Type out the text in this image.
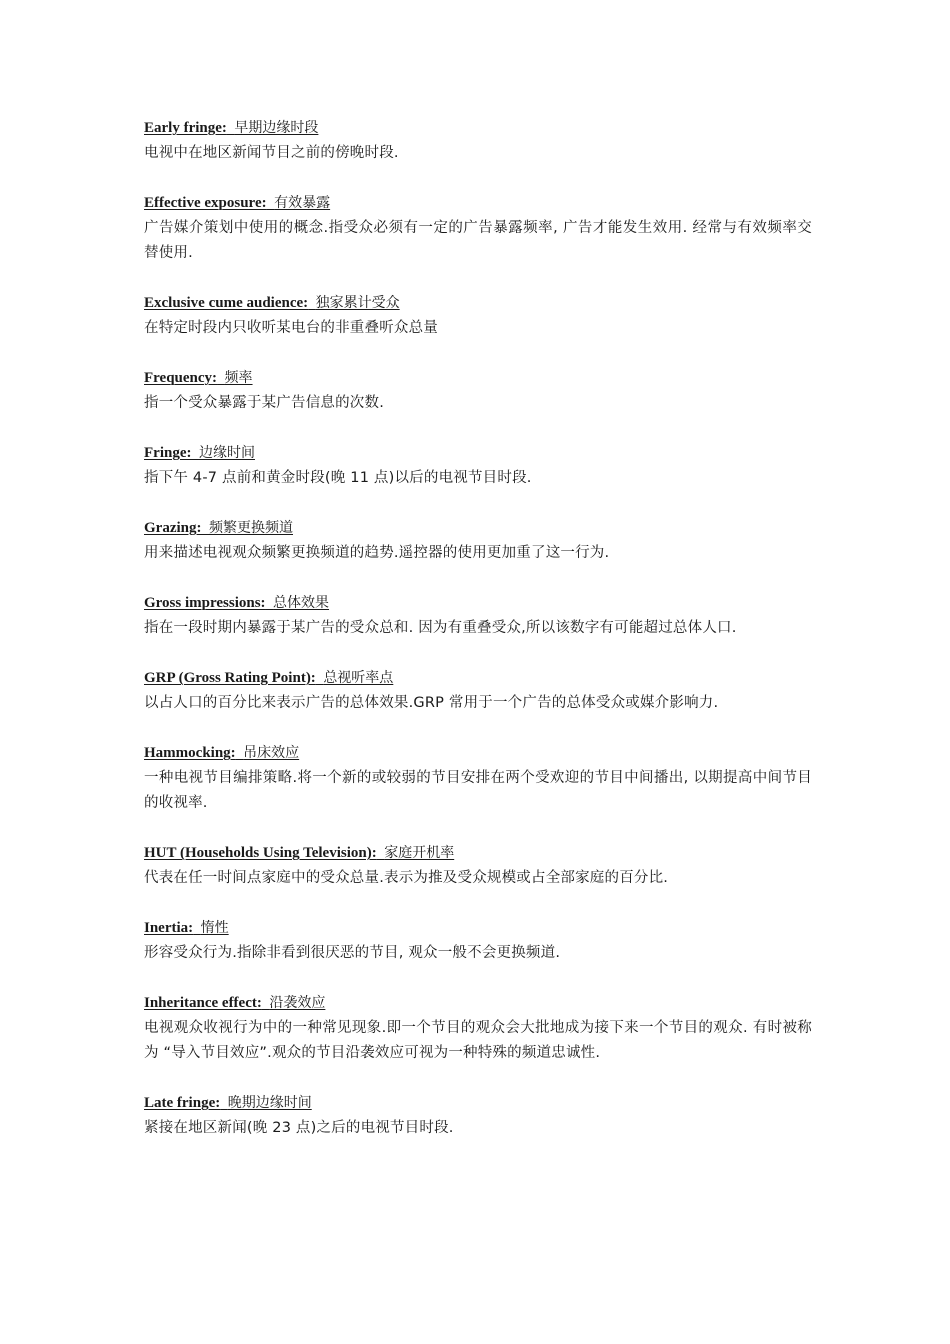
Early fringe: 早期边缘时段

电视中在地区新闻节目之前的傍晚时段.

Effective exposure: 有效暴露

广告媒介策划中使用的概念.指受众必须有一定的广告暴露频率, 广告才能发生效用. 经常与有效频率交替使用.

Exclusive cume audience: 独家累计受众

在特定时段内只收听某电台的非重叠听众总量

Frequency: 频率

指一个受众暴露于某广告信息的次数.

Fringe: 边缘时间

指下午 4-7 点前和黄金时段(晚 11 点)以后的电视节目时段.

Grazing: 频繁更换频道

用来描述电视观众频繁更换频道的趋势.遥控器的使用更加重了这一行为.

Gross impressions: 总体效果

指在一段时期内暴露于某广告的受众总和. 因为有重叠受众,所以该数字有可能超过总体人口.

GRP (Gross Rating Point): 总视听率点

以占人口的百分比来表示广告的总体效果.GRP 常用于一个广告的总体受众或媒介影响力.

Hammocking: 吊床效应

一种电视节目编排策略.将一个新的或较弱的节目安排在两个受欢迎的节目中间播出, 以期提高中间节目的收视率.

HUT (Households Using Television): 家庭开机率

代表在任一时间点家庭中的受众总量.表示为推及受众规模或占全部家庭的百分比.

Inertia: 惰性

形容受众行为.指除非看到很厌恶的节目, 观众一般不会更换频道.

Inheritance effect: 沿袭效应

电视观众收视行为中的一种常见现象.即一个节目的观众会大批地成为接下来一个节目的观众. 有时被称为 “导入节目效应”.观众的节目沿袭效应可视为一种特殊的频道忠诚性.

Late fringe: 晚期边缘时间

紧接在地区新闻(晚 23 点)之后的电视节目时段.
